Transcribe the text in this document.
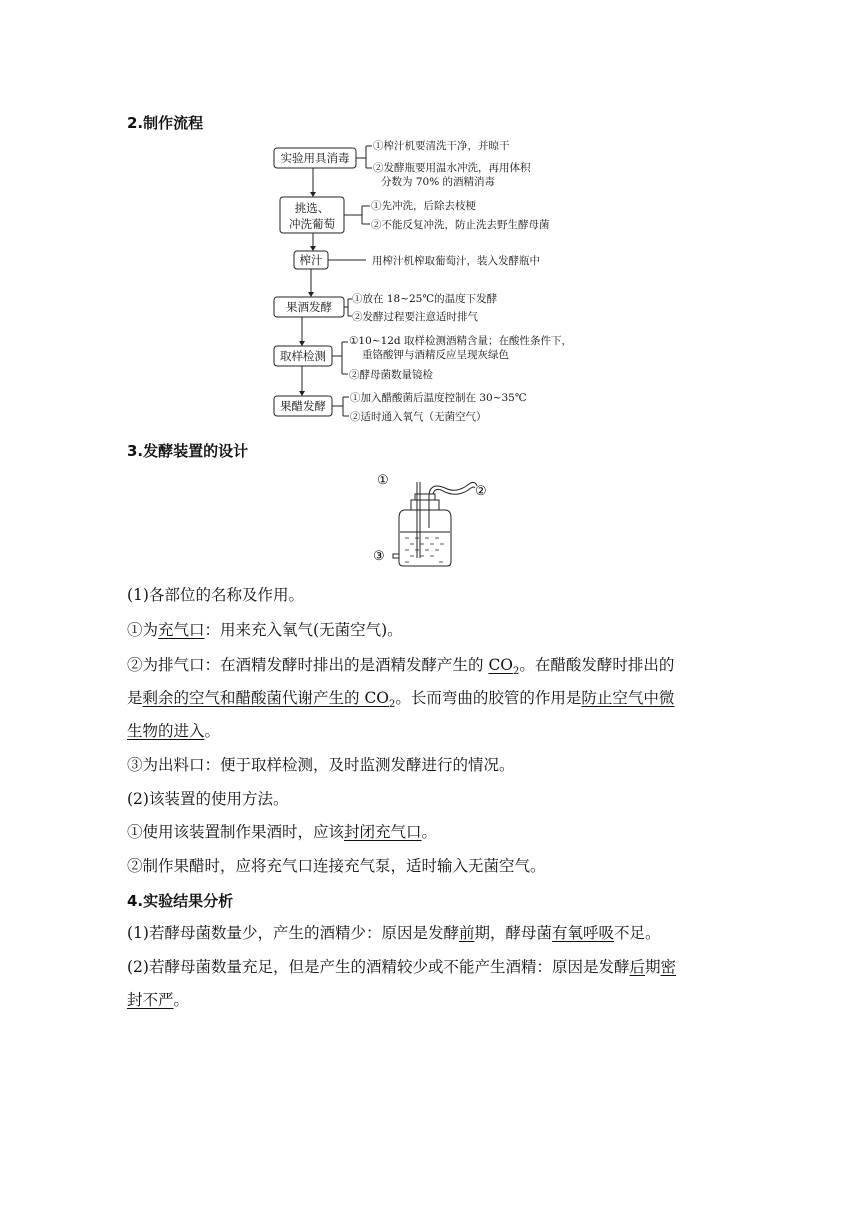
2.制作流程
实验用具消毒
挑选、
冲洗葡萄
榨汁
果酒发酵
取样检测
果醋发酵
①榨汁机要清洗干净，并晾干
②发酵瓶要用温水冲洗，再用体积
分数为 70% 的酒精消毒
①先冲洗，后除去枝梗
②不能反复冲洗，防止洗去野生酵母菌
用榨汁机榨取葡萄汁，装入发酵瓶中
①放在 18~25℃的温度下发酵
②发酵过程要注意适时排气
①10~12d 取样检测酒精含量；在酸性条件下，
重铬酸钾与酒精反应呈现灰绿色
②酵母菌数量镜检
①加入醋酸菌后温度控制在 30~35℃
②适时通入氧气（无菌空气）
3.发酵装置的设计
①
②
③
(1)各部位的名称及作用。
①为充气口：用来充入氧气(无菌空气)。
②为排气口：在酒精发酵时排出的是酒精发酵产生的 $CO_2$。在醋酸发酵时排出的
是剩余的空气和醋酸菌代谢产生的 $CO_2$。长而弯曲的胶管的作用是防止空气中微
生物的进入。
③为出料口：便于取样检测，及时监测发酵进行的情况。
(2)该装置的使用方法。
①使用该装置制作果酒时，应该封闭充气口。
②制作果醋时，应将充气口连接充气泵，适时输入无菌空气。
4.实验结果分析
(1)若酵母菌数量少，产生的酒精少：原因是发酵前期，酵母菌有氧呼吸不足。
(2)若酵母菌数量充足，但是产生的酒精较少或不能产生酒精：原因是发酵后期密
封不严。
